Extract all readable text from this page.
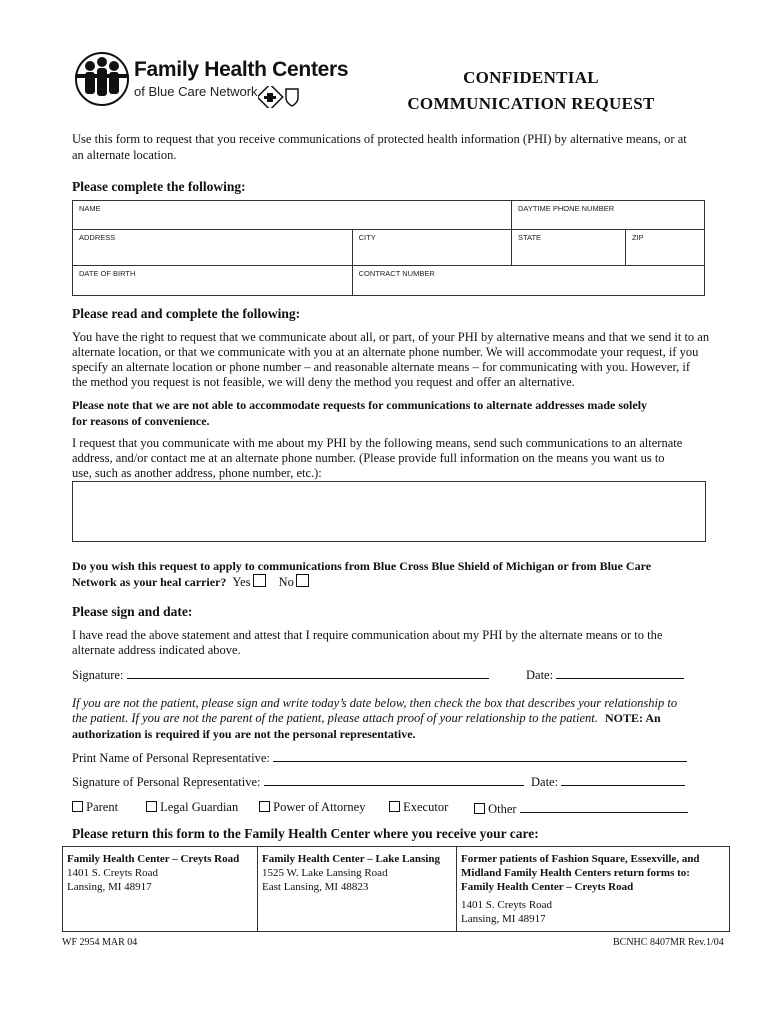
Family Health Centers
of Blue Care Network
CONFIDENTIAL
COMMUNICATION REQUEST
Use this form to request that you receive communications of protected health information (PHI) by alternative means, or at
an alternate location.
Please complete the following:
NAME		DAYTIME PHONE NUMBER	
ADDRESS	CITY	STATE	ZIP
DATE OF BIRTH	CONTRACT NUMBER		
Please read and complete the following:
You have the right to request that we communicate about all, or part, of your PHI by alternative means and that we send it to an
alternate location, or that we communicate with you at an alternate phone number. We will accommodate your request, if you
specify an alternate location or phone number – and reasonable alternate means – for communicating with you. However, if
the method you request is not feasible, we will deny the method you request and offer an alternative.
Please note that we are not able to accommodate requests for communications to alternate addresses made solely
for reasons of convenience.
I request that you communicate with me about my PHI by the following means, send such communications to an alternate
address, and/or contact me at an alternate phone number. (Please provide full information on the means you want us to
use, such as another address, phone number, etc.):
Do you wish this request to apply to communications from Blue Cross Blue Shield of Michigan or from Blue Care
Network as your heal carrier? Yes No
Please sign and date:
I have read the above statement and attest that I require communication about my PHI by the alternate means or to the
alternate address indicated above.
Signature:	Date:
If you are not the patient, please sign and write today’s date below, then check the box that describes your relationship to
the patient. If you are not the parent of the patient, please attach proof of your relationship to the patient. NOTE: An
authorization is required if you are not the personal representative.
Print Name of Personal Representative:
Signature of Personal Representative:	Date:
Parent	Legal Guardian	Power of Attorney	Executor	Other
Please return this form to the Family Health Center where you receive your care:
Family Health Center – Creyts Road
1401 S. Creyts Road
Lansing, MI 48917

Family Health Center – Lake Lansing
1525 W. Lake Lansing Road
East Lansing, MI 48823

Former patients of Fashion Square, Essexville, and
Midland Family Health Centers return forms to:
Family Health Center – Creyts Road
1401 S. Creyts Road
Lansing, MI 48917
WF 2954 MAR 04	BCNHC 8407MR Rev.1/04
